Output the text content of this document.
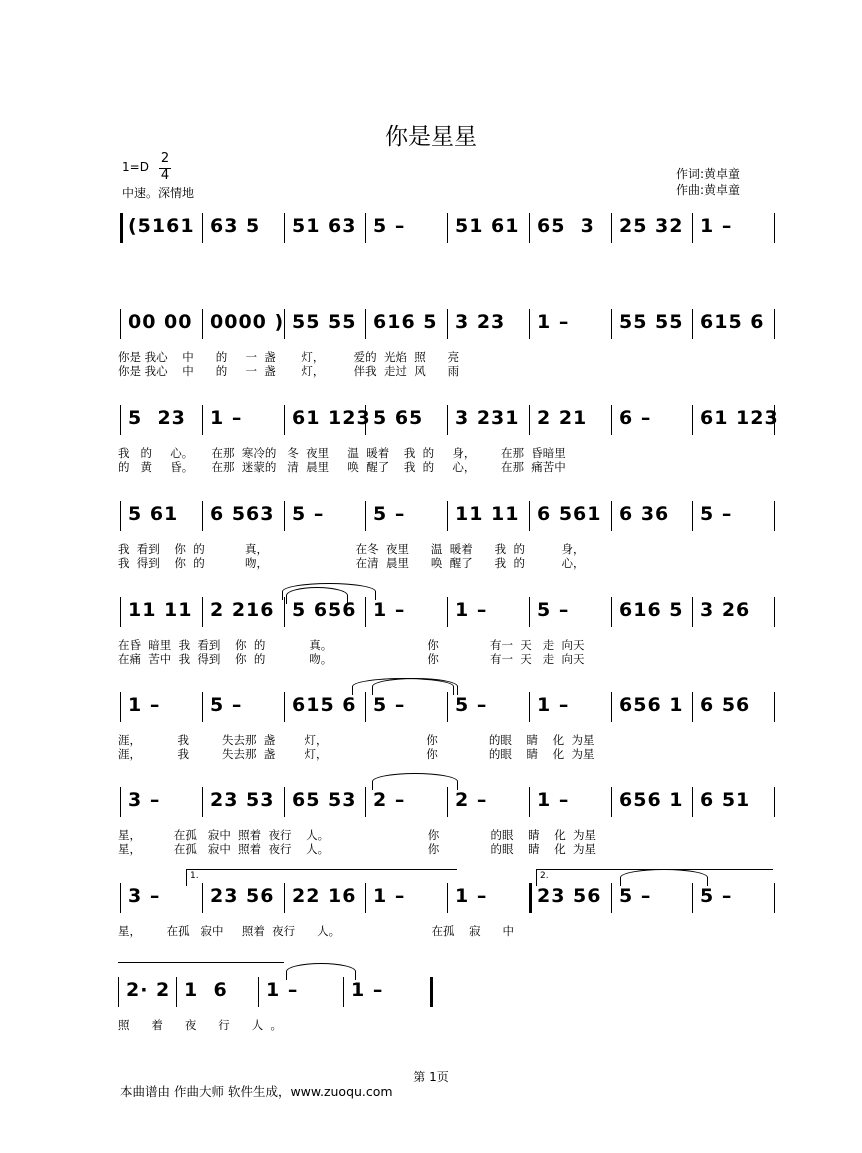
你是星星
1=D
2
4
中速。深情地
作词:黄卓童
作曲:黄卓童
(5161 63 5 51 63 5 –	51 61 65  3 25 32 1 –
00 00 0000 ) 55 55 616 5 3 23 1 –	55 55 615 6
你是 我心    中      的     一  盏       灯，        爱的  光焰  照      亮
你是 我心    中      的     一  盏       灯，        伴我  走过  风      雨
5  23 1 –	61 123 5 65 3 231 2 21 6 –	61 123
我   的     心。     在那  寒冷的   冬  夜里     温  暖着    我  的     身，       在那  昏暗里
的   黄     昏。     在那  迷蒙的   清  晨里     唤  醒了    我  的     心，       在那  痛苦中
5 61 6 563 5 –	5 –	11 11 6 561 6 36 5 –
我  看到    你  的           真，                        在冬  夜里      温  暖着      我  的          身，
我  得到    你  的           吻，                        在清  晨里      唤  醒了      我  的          心，
11 11 2 216 5 656 1 –	1 –	5 –	616 5 3 26
在昏  暗里  我  看到    你  的            真。                          你              有一  天   走  向天
在痛  苦中  我  得到    你  的            吻。                          你              有一  天   走  向天
1 –	5 –	615 6 5 –	5 –	1 –	656 1 6 56
涯，          我         失去那  盏        灯，                           你              的眼    睛    化  为星
涯，          我         失去那  盏        灯，                           你              的眼    睛    化  为星
3 –	23 53 65 53 2 –	2 –	1 –	656 1 6 51
星，         在孤   寂中  照着  夜行    人。                           你              的眼    睛    化  为星
星，         在孤   寂中  照着  夜行    人。                           你              的眼    睛    化  为星
3 –	23 56 22 16 1 –	1 –	23 56 5 –	5 –
星，       在孤   寂中     照着  夜行      人。                         在孤    寂      中
1.	2.
2· 2 1  6 1 –	1 –
照      着      夜      行      人  。
第 1页
本曲谱由 作曲大师 软件生成，www.zuoqu.com
